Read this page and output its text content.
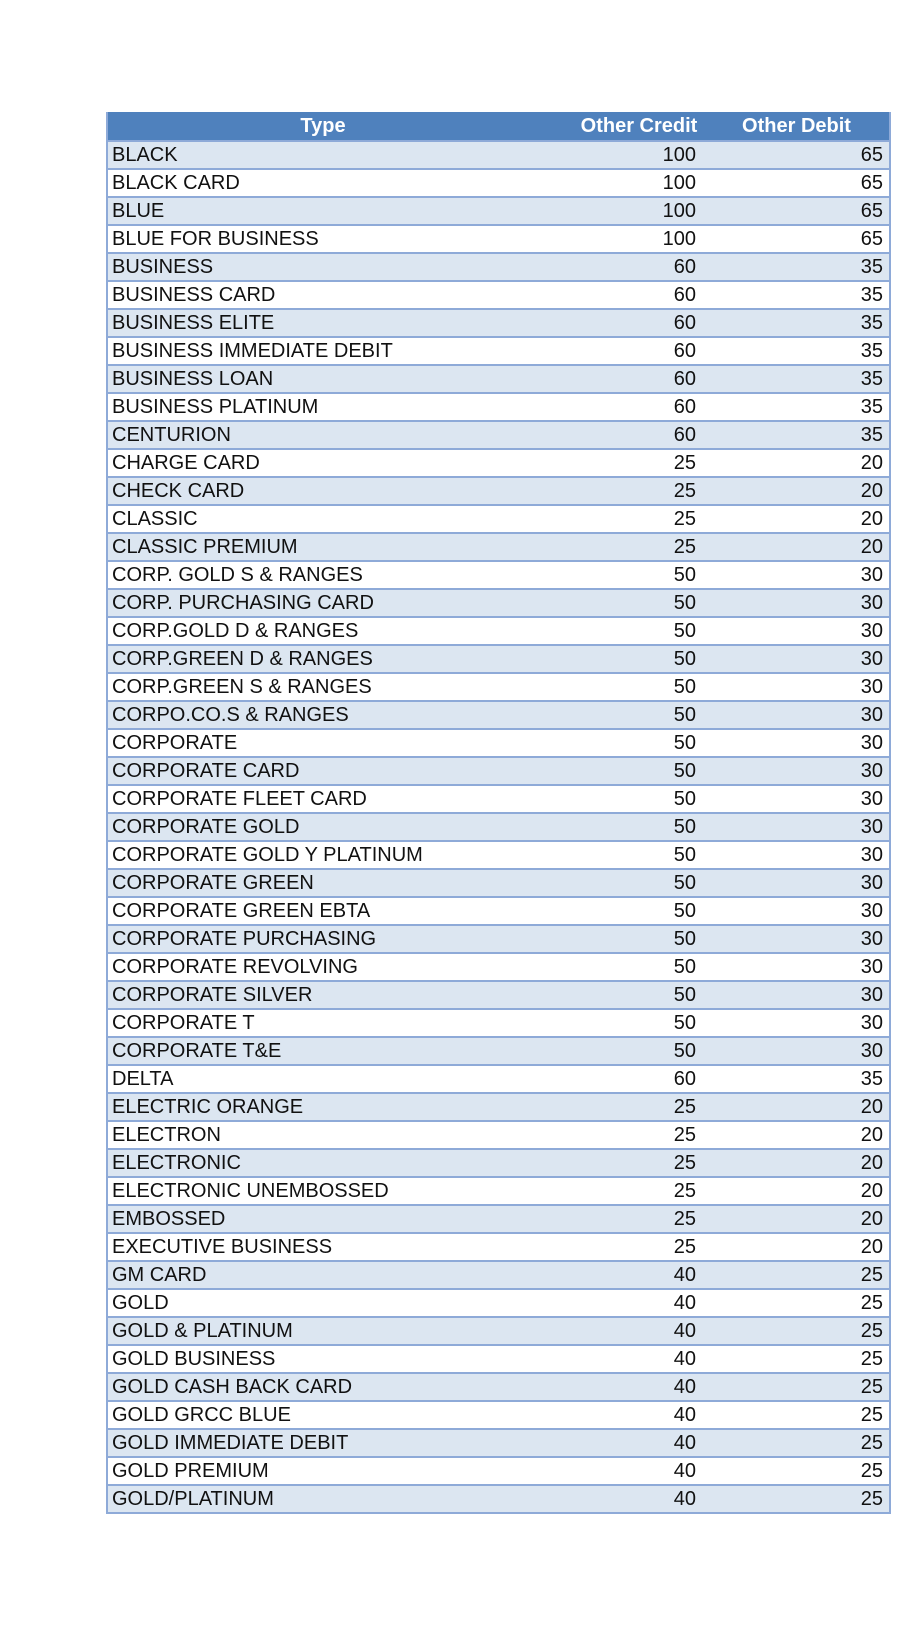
Type	Other Credit	Other Debit
BLACK	100	65
BLACK CARD	100	65
BLUE	100	65
BLUE FOR BUSINESS	100	65
BUSINESS	60	35
BUSINESS CARD	60	35
BUSINESS ELITE	60	35
BUSINESS IMMEDIATE DEBIT	60	35
BUSINESS LOAN	60	35
BUSINESS PLATINUM	60	35
CENTURION	60	35
CHARGE CARD	25	20
CHECK CARD	25	20
CLASSIC	25	20
CLASSIC PREMIUM	25	20
CORP. GOLD S & RANGES	50	30
CORP. PURCHASING CARD	50	30
CORP.GOLD D & RANGES	50	30
CORP.GREEN D & RANGES	50	30
CORP.GREEN S & RANGES	50	30
CORPO.CO.S & RANGES	50	30
CORPORATE	50	30
CORPORATE CARD	50	30
CORPORATE FLEET CARD	50	30
CORPORATE GOLD	50	30
CORPORATE GOLD Y PLATINUM	50	30
CORPORATE GREEN	50	30
CORPORATE GREEN EBTA	50	30
CORPORATE PURCHASING	50	30
CORPORATE REVOLVING	50	30
CORPORATE SILVER	50	30
CORPORATE T	50	30
CORPORATE T&E	50	30
DELTA	60	35
ELECTRIC ORANGE	25	20
ELECTRON	25	20
ELECTRONIC	25	20
ELECTRONIC UNEMBOSSED	25	20
EMBOSSED	25	20
EXECUTIVE BUSINESS	25	20
GM CARD	40	25
GOLD	40	25
GOLD & PLATINUM	40	25
GOLD BUSINESS	40	25
GOLD CASH BACK CARD	40	25
GOLD GRCC BLUE	40	25
GOLD IMMEDIATE DEBIT	40	25
GOLD PREMIUM	40	25
GOLD/PLATINUM	40	25
